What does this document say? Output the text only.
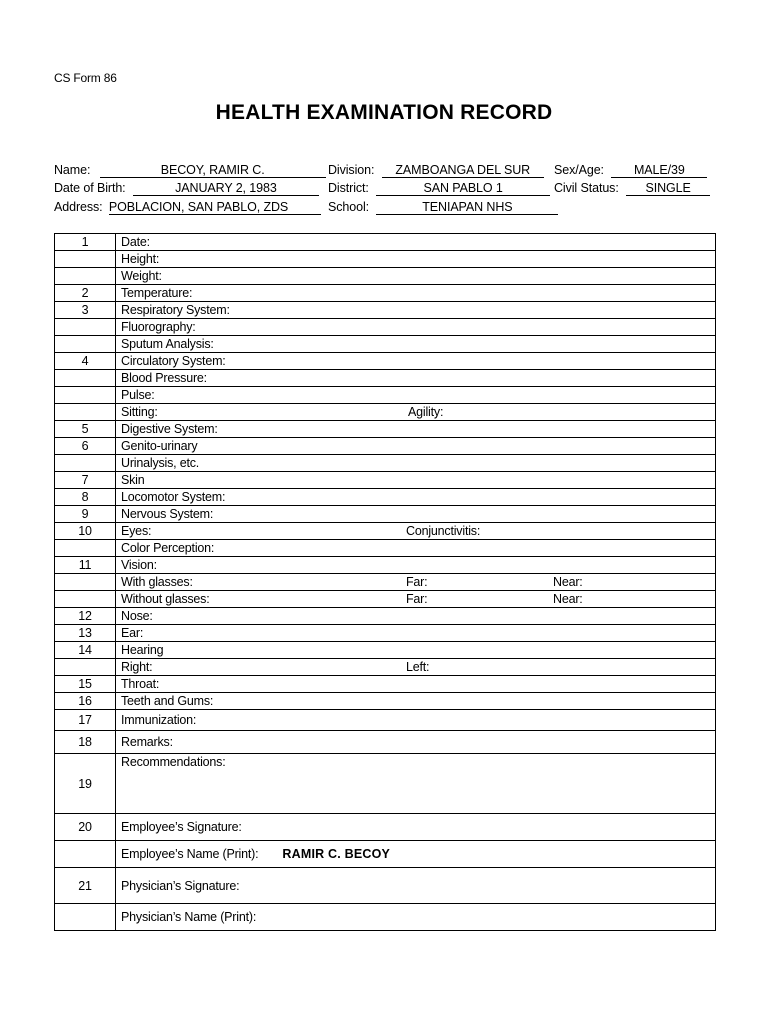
CS Form 86
HEALTH EXAMINATION RECORD
Name:	BECOY, RAMIR C.	Division: ZAMBOANGA DEL SUR	Sex/Age: MALE/39
Date of Birth:	JANUARY 2, 1983	District:	SAN PABLO 1	Civil Status: SINGLE
Address: POBLACION, SAN PABLO, ZDS	School:	TENIAPAN NHS
1	Date:
	Height:
	Weight:
2	Temperature:
3	Respiratory System:
	Fluorography:
	Sputum Analysis:
4	Circulatory System:
	Blood Pressure:
	Pulse:
	Sitting: Agility:

5	Digestive System:
6	Genito-urinary
	Urinalysis, etc.
7	Skin
8	Locomotor System:
9	Nervous System:
10	Eyes: Conjunctivitis:

	Color Perception:
11	Vision:
	With glasses: Far: Near:

	Without glasses: Far: Near:

12	Nose:
13	Ear:
14	Hearing
	Right: Left:

15	Throat:
16	Teeth and Gums:
17	Immunization:
18	Remarks:
19	Recommendations:
20	Employee’s Signature:
	Employee’s Name (Print): RAMIR C. BECOY
21	Physician’s Signature:
	Physician’s Name (Print):
